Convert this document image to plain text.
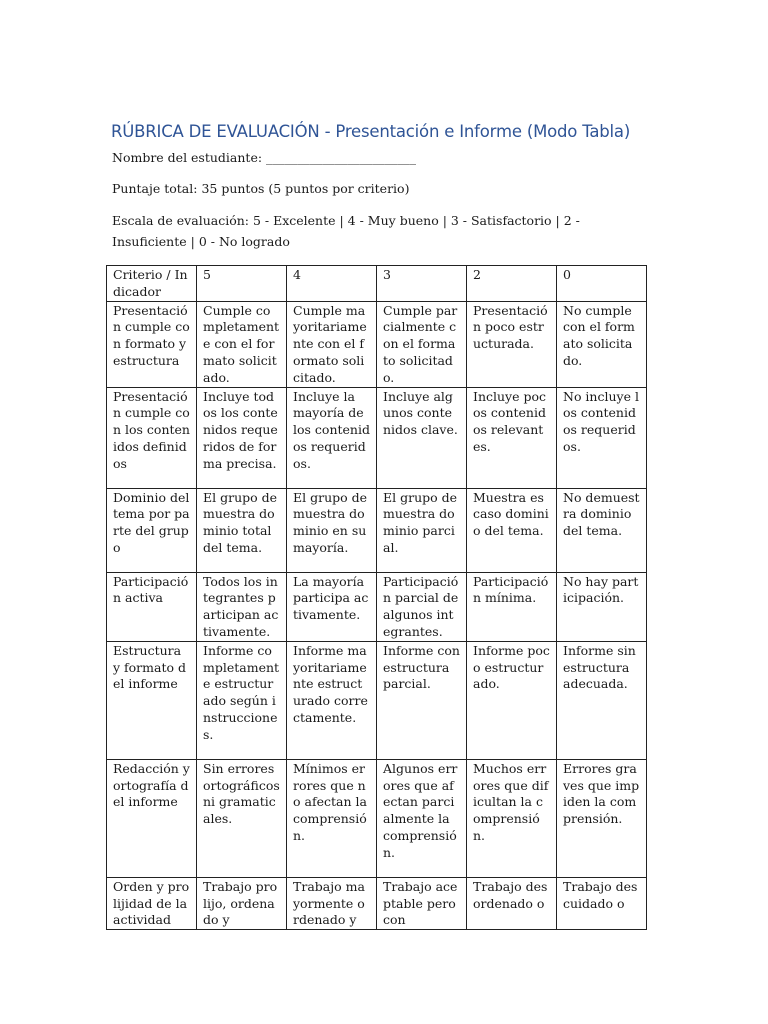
RÚBRICA DE EVALUACIÓN - Presentación e Informe (Modo Tabla)
Nombre del estudiante: ________________________
Puntaje total: 35 puntos (5 puntos por criterio)
Escala de evaluación: 5 - Excelente | 4 - Muy bueno | 3 - Satisfactorio | 2 - Insuficiente | 0 - No logrado
Criterio / Indicador	5	4	3	2	0
Presentación cumple con formato y estructura	Cumple completamente con el formato solicitado.	Cumple mayoritariamente con el formato solicitado.	Cumple parcialmente con el formato solicitado.	Presentación poco estructurada.	No cumple con el formato solicitado.
Presentación cumple con los contenidos definidos	Incluye todos los contenidos requeridos de forma precisa.	Incluye la mayoría de los contenidos requeridos.	Incluye algunos contenidos clave.	Incluye pocos contenidos relevantes.	No incluye los contenidos requeridos.
Dominio del tema por parte del grupo	El grupo demuestra dominio total del tema.	El grupo demuestra dominio en su mayoría.	El grupo demuestra dominio parcial.	Muestra escaso dominio del tema.	No demuestra dominio del tema.
Participación activa	Todos los integrantes participan activamente.	La mayoría participa activamente.	Participación parcial de algunos integrantes.	Participación mínima.	No hay participación.
Estructura y formato del informe	Informe completamente estructurado según instrucciones.	Informe mayoritariamente estructurado correctamente.	Informe con estructura parcial.	Informe poco estructurado.	Informe sin estructura adecuada.
Redacción y ortografía del informe	Sin errores ortográficos ni gramaticales.	Mínimos errores que no afectan la comprensión.	Algunos errores que afectan parcialmente la comprensión.	Muchos errores que dificultan la comprensión.	Errores graves que impiden la comprensión.
Orden y prolijidad de la actividad	Trabajo prolijo, ordenado y	Trabajo mayormente ordenado y	Trabajo aceptable pero con	Trabajo desordenado o	Trabajo descuidado o
